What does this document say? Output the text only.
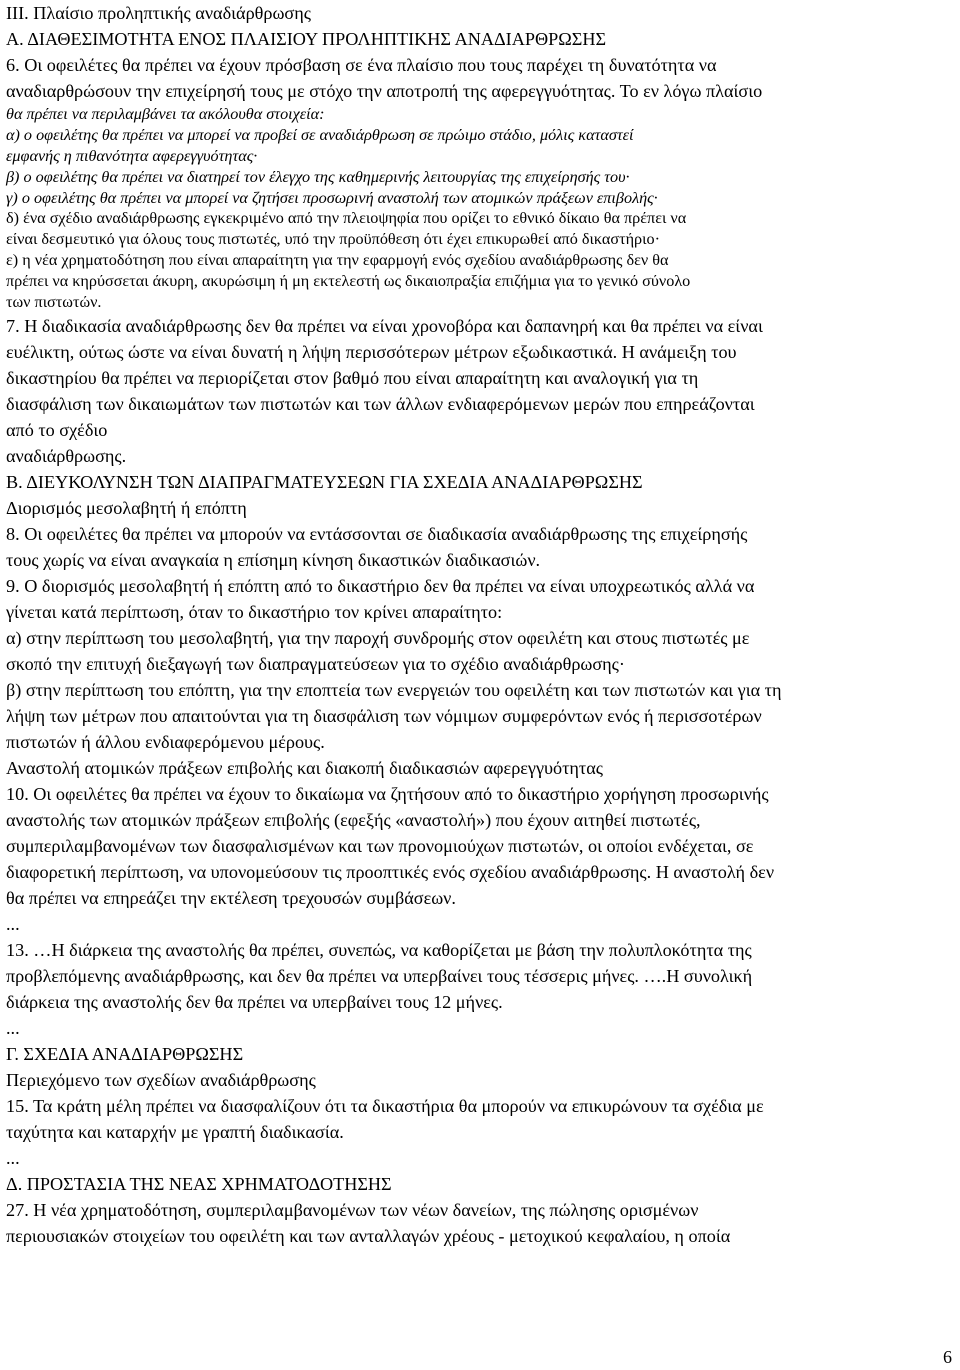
III. Πλαίσιο προληπτικής αναδιάρθρωσης

Α. ΔΙΑΘΕΣΙΜΟΤΗΤΑ ΕΝΟΣ ΠΛΑΙΣΙΟΥ ΠΡΟΛΗΠΤΙΚΗΣ ΑΝΑΔΙΑΡΘΡΩΣΗΣ

6. Οι οφειλέτες θα πρέπει να έχουν πρόσβαση σε ένα πλαίσιο που τους παρέχει τη δυνατότητα να

αναδιαρθρώσουν την επιχείρησή τους με στόχο την αποτροπή της αφερεγγυότητας. Το εν λόγω πλαίσιο

θα πρέπει να περιλαμβάνει τα ακόλουθα στοιχεία:

α) ο οφειλέτης θα πρέπει να μπορεί να προβεί σε αναδιάρθρωση σε πρώιμο στάδιο, μόλις καταστεί

εμφανής η πιθανότητα αφερεγγυότητας·

β) ο οφειλέτης θα πρέπει να διατηρεί τον έλεγχο της καθημερινής λειτουργίας της επιχείρησής του·

γ) ο οφειλέτης θα πρέπει να μπορεί να ζητήσει προσωρινή αναστολή των ατομικών πράξεων επιβολής·

δ) ένα σχέδιο αναδιάρθρωσης εγκεκριμένο από την πλειοψηφία που ορίζει το εθνικό δίκαιο θα πρέπει να

είναι δεσμευτικό για όλους τους πιστωτές, υπό την προϋπόθεση ότι έχει επικυρωθεί από δικαστήριο·

ε) η νέα χρηματοδότηση που είναι απαραίτητη για την εφαρμογή ενός σχεδίου αναδιάρθρωσης δεν θα

πρέπει να κηρύσσεται άκυρη, ακυρώσιμη ή μη εκτελεστή ως δικαιοπραξία επιζήμια για το γενικό σύνολο

των πιστωτών.

7. Η διαδικασία αναδιάρθρωσης δεν θα πρέπει να είναι χρονοβόρα και δαπανηρή και θα πρέπει να είναι

ευέλικτη, ούτως ώστε να είναι δυνατή η λήψη περισσότερων μέτρων εξωδικαστικά. Η ανάμειξη του

δικαστηρίου θα πρέπει να περιορίζεται στον βαθμό που είναι απαραίτητη και αναλογική για τη

διασφάλιση των δικαιωμάτων των πιστωτών και των άλλων ενδιαφερόμενων μερών που επηρεάζονται

από το σχέδιο

αναδιάρθρωσης.

Β. ΔΙΕΥΚΟΛΥΝΣΗ ΤΩΝ ΔΙΑΠΡΑΓΜΑΤΕΥΣΕΩΝ ΓΙΑ ΣΧΕΔΙΑ ΑΝΑΔΙΑΡΘΡΩΣΗΣ

Διορισμός μεσολαβητή ή επόπτη

8. Οι οφειλέτες θα πρέπει να μπορούν να εντάσσονται σε διαδικασία αναδιάρθρωσης της επιχείρησής

τους χωρίς να είναι αναγκαία η επίσημη κίνηση δικαστικών διαδικασιών.

9. Ο διορισμός μεσολαβητή ή επόπτη από το δικαστήριο δεν θα πρέπει να είναι υποχρεωτικός αλλά να

γίνεται κατά περίπτωση, όταν το δικαστήριο τον κρίνει απαραίτητο:

α) στην περίπτωση του μεσολαβητή, για την παροχή συνδρομής στον οφειλέτη και στους πιστωτές με

σκοπό την επιτυχή διεξαγωγή των διαπραγματεύσεων για το σχέδιο αναδιάρθρωσης·

β) στην περίπτωση του επόπτη, για την εποπτεία των ενεργειών του οφειλέτη και των πιστωτών και για τη

λήψη των μέτρων που απαιτούνται για τη διασφάλιση των νόμιμων συμφερόντων ενός ή περισσοτέρων

πιστωτών ή άλλου ενδιαφερόμενου μέρους.

Αναστολή ατομικών πράξεων επιβολής και διακοπή διαδικασιών αφερεγγυότητας

10. Οι οφειλέτες θα πρέπει να έχουν το δικαίωμα να ζητήσουν από το δικαστήριο χορήγηση προσωρινής

αναστολής των ατομικών πράξεων επιβολής (εφεξής «αναστολή») που έχουν αιτηθεί πιστωτές,

συμπεριλαμβανομένων των διασφαλισμένων και των προνομιούχων πιστωτών, οι οποίοι ενδέχεται, σε

διαφορετική περίπτωση, να υπονομεύσουν τις προοπτικές ενός σχεδίου αναδιάρθρωσης. Η αναστολή δεν

θα πρέπει να επηρεάζει την εκτέλεση τρεχουσών συμβάσεων.

...

13. …Η διάρκεια της αναστολής θα πρέπει, συνεπώς, να καθορίζεται με βάση την πολυπλοκότητα της

προβλεπόμενης αναδιάρθρωσης, και δεν θα πρέπει να υπερβαίνει τους τέσσερις μήνες. ….Η συνολική

διάρκεια της αναστολής δεν θα πρέπει να υπερβαίνει τους 12 μήνες.

...

Γ. ΣΧΕΔΙΑ ΑΝΑΔΙΑΡΘΡΩΣΗΣ

Περιεχόμενο των σχεδίων αναδιάρθρωσης

15. Τα κράτη μέλη πρέπει να διασφαλίζουν ότι τα δικαστήρια θα μπορούν να επικυρώνουν τα σχέδια με

ταχύτητα και καταρχήν με γραπτή διαδικασία.

...

Δ. ΠΡΟΣΤΑΣΙΑ ΤΗΣ ΝΕΑΣ ΧΡΗΜΑΤΟΔΟΤΗΣΗΣ

27. Η νέα χρηματοδότηση, συμπεριλαμβανομένων των νέων δανείων, της πώλησης ορισμένων

περιουσιακών στοιχείων του οφειλέτη και των ανταλλαγών χρέους - μετοχικού κεφαλαίου, η οποία

6
